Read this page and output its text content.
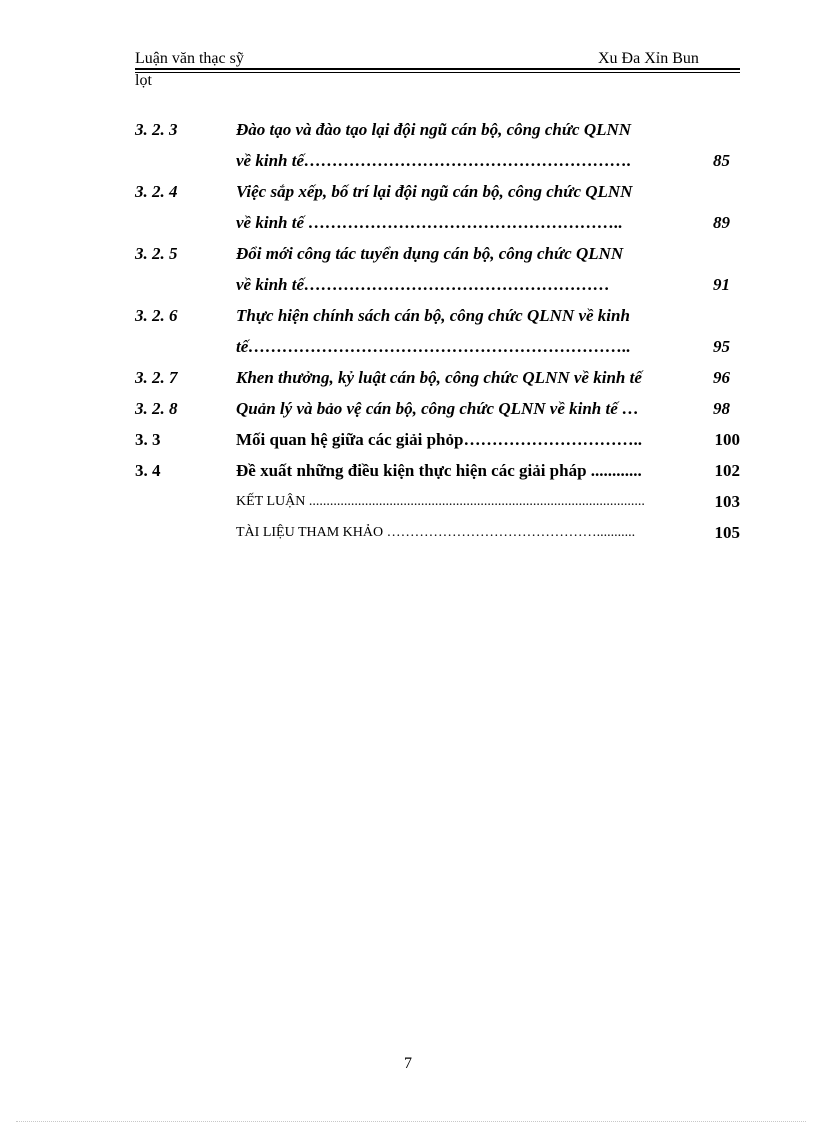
Luận văn thạc sỹ	Xu Đa Xỉn Bun
lọt
3. 2. 3	Đào tạo và đào tạo lại đội ngũ cán bộ, công chức QLNN
về kinh tế………………………………………………….	85
3. 2. 4	Việc sắp xếp, bố trí lại đội ngũ cán bộ, công chức QLNN
về kinh tế ………………………………………………..	89
3. 2. 5	Đổi mới công tác tuyển dụng cán bộ, công chức QLNN
về kinh tế………………………………………………	91
3. 2. 6	Thực hiện chính sách cán bộ, công chức QLNN về kinh
tế…………………………………………………………..	95
3. 2. 7	Khen thưởng, kỷ luật cán bộ, công chức QLNN về kinh tế	96
3. 2. 8	Quản lý và bảo vệ cán bộ, công chức QLNN về kinh tế …	98
3. 3	Mối quan hệ giữa các giải phỏp…………………………..	100
3. 4	Đề xuất những điều kiện thực hiện các giải pháp ............	102
KẾT LUẬN ................................................................................................	103
TÀI LIỆU THAM KHẢO ………………………………………...........	105
7
